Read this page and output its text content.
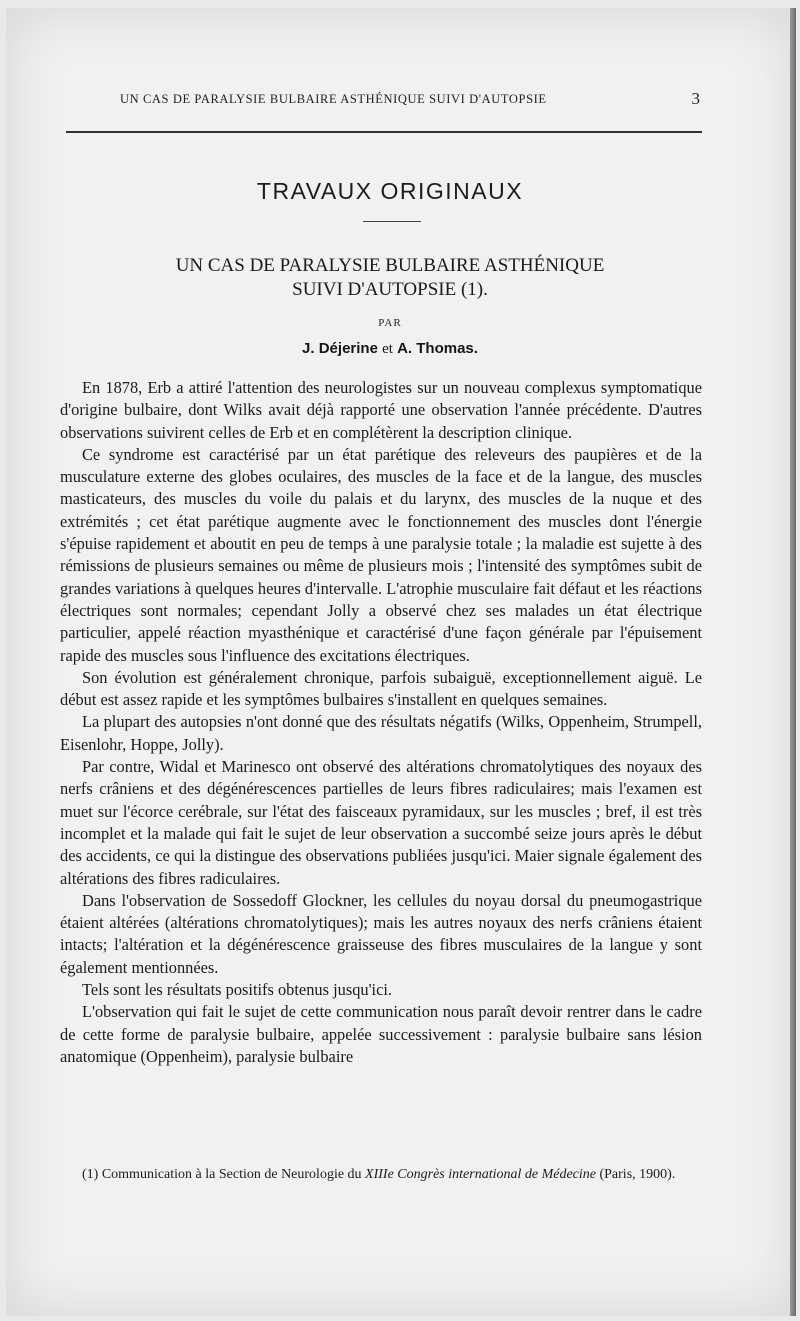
UN CAS DE PARALYSIE BULBAIRE ASTHÉNIQUE SUIVI D'AUTOPSIE	3
TRAVAUX ORIGINAUX
UN CAS DE PARALYSIE BULBAIRE ASTHÉNIQUE
SUIVI D'AUTOPSIE (1).
PAR
J. Déjerine et A. Thomas.

En 1878, Erb a attiré l'attention des neurologistes sur un nouveau complexus symptomatique d'origine bulbaire, dont Wilks avait déjà rapporté une observation l'année précédente. D'autres observations suivirent celles de Erb et en complétèrent la description clinique.

Ce syndrome est caractérisé par un état parétique des releveurs des paupières et de la musculature externe des globes oculaires, des muscles de la face et de la langue, des muscles masticateurs, des muscles du voile du palais et du larynx, des muscles de la nuque et des extrémités ; cet état parétique augmente avec le fonctionnement des muscles dont l'énergie s'épuise rapidement et aboutit en peu de temps à une paralysie totale ; la maladie est sujette à des rémissions de plusieurs semaines ou même de plusieurs mois ; l'intensité des symptômes subit de grandes variations à quelques heures d'intervalle. L'atrophie musculaire fait défaut et les réactions électriques sont normales; cependant Jolly a observé chez ses malades un état électrique particulier, appelé réaction myasthénique et caractérisé d'une façon générale par l'épuisement rapide des muscles sous l'influence des excitations électriques.

Son évolution est généralement chronique, parfois subaiguë, exceptionnellement aiguë. Le début est assez rapide et les symptômes bulbaires s'installent en quelques semaines.

La plupart des autopsies n'ont donné que des résultats négatifs (Wilks, Oppenheim, Strumpell, Eisenlohr, Hoppe, Jolly).

Par contre, Widal et Marinesco ont observé des altérations chromatolytiques des noyaux des nerfs crâniens et des dégénérescences partielles de leurs fibres radiculaires; mais l'examen est muet sur l'écorce cerébrale, sur l'état des faisceaux pyramidaux, sur les muscles ; bref, il est très incomplet et la malade qui fait le sujet de leur observation a succombé seize jours après le début des accidents, ce qui la distingue des observations publiées jusqu'ici. Maier signale également des altérations des fibres radiculaires.

Dans l'observation de Sossedoff Glockner, les cellules du noyau dorsal du pneumogastrique étaient altérées (altérations chromatolytiques); mais les autres noyaux des nerfs crâniens étaient intacts; l'altération et la dégénérescence graisseuse des fibres musculaires de la langue y sont également mentionnées.

Tels sont les résultats positifs obtenus jusqu'ici.

L'observation qui fait le sujet de cette communication nous paraît devoir rentrer dans le cadre de cette forme de paralysie bulbaire, appelée successivement : paralysie bulbaire sans lésion anatomique (Oppenheim), paralysie bulbaire

(1) Communication à la Section de Neurologie du XIIIe Congrès international de Médecine (Paris, 1900).
